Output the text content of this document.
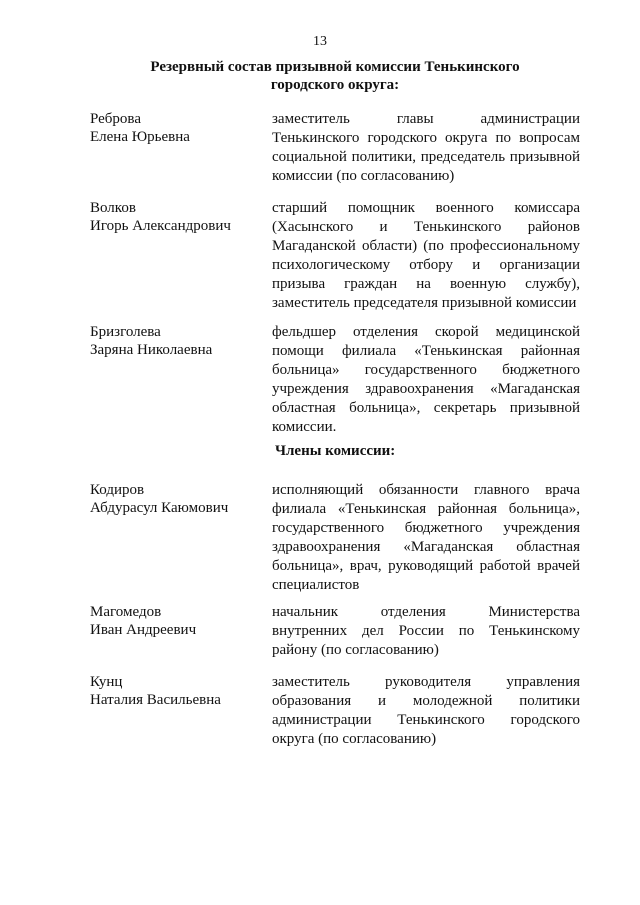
13
Резервный состав призывной комиссии Тенькинского
городского округа:
Реброва
Елена Юрьевна
заместитель главы администрации Тенькинского городского округа по вопросам социальной политики, председатель призывной комиссии (по согласованию)
Волков
Игорь Александрович
старший помощник военного комиссара (Хасынского и Тенькинского районов Магаданской области) (по профессиональному психологическому отбору и организации призыва граждан на военную службу), заместитель председателя призывной комиссии
Бризголева
Заряна Николаевна
фельдшер отделения скорой медицинской помощи филиала «Тенькинская районная больница» государственного бюджетного учреждения здравоохранения «Магаданская областная больница», секретарь призывной комиссии.
Члены комиссии:
Кодиров
Абдурасул Каюмович
исполняющий обязанности главного врача филиала «Тенькинская районная больница», государственного бюджетного учреждения здравоохранения «Магаданская областная больница», врач, руководящий работой врачей специалистов
Магомедов
Иван Андреевич
начальник отделения Министерства внутренних дел России по Тенькинскому району (по согласованию)
Кунц
Наталия Васильевна
заместитель руководителя управления образования и молодежной политики администрации Тенькинского городского округа (по согласованию)
